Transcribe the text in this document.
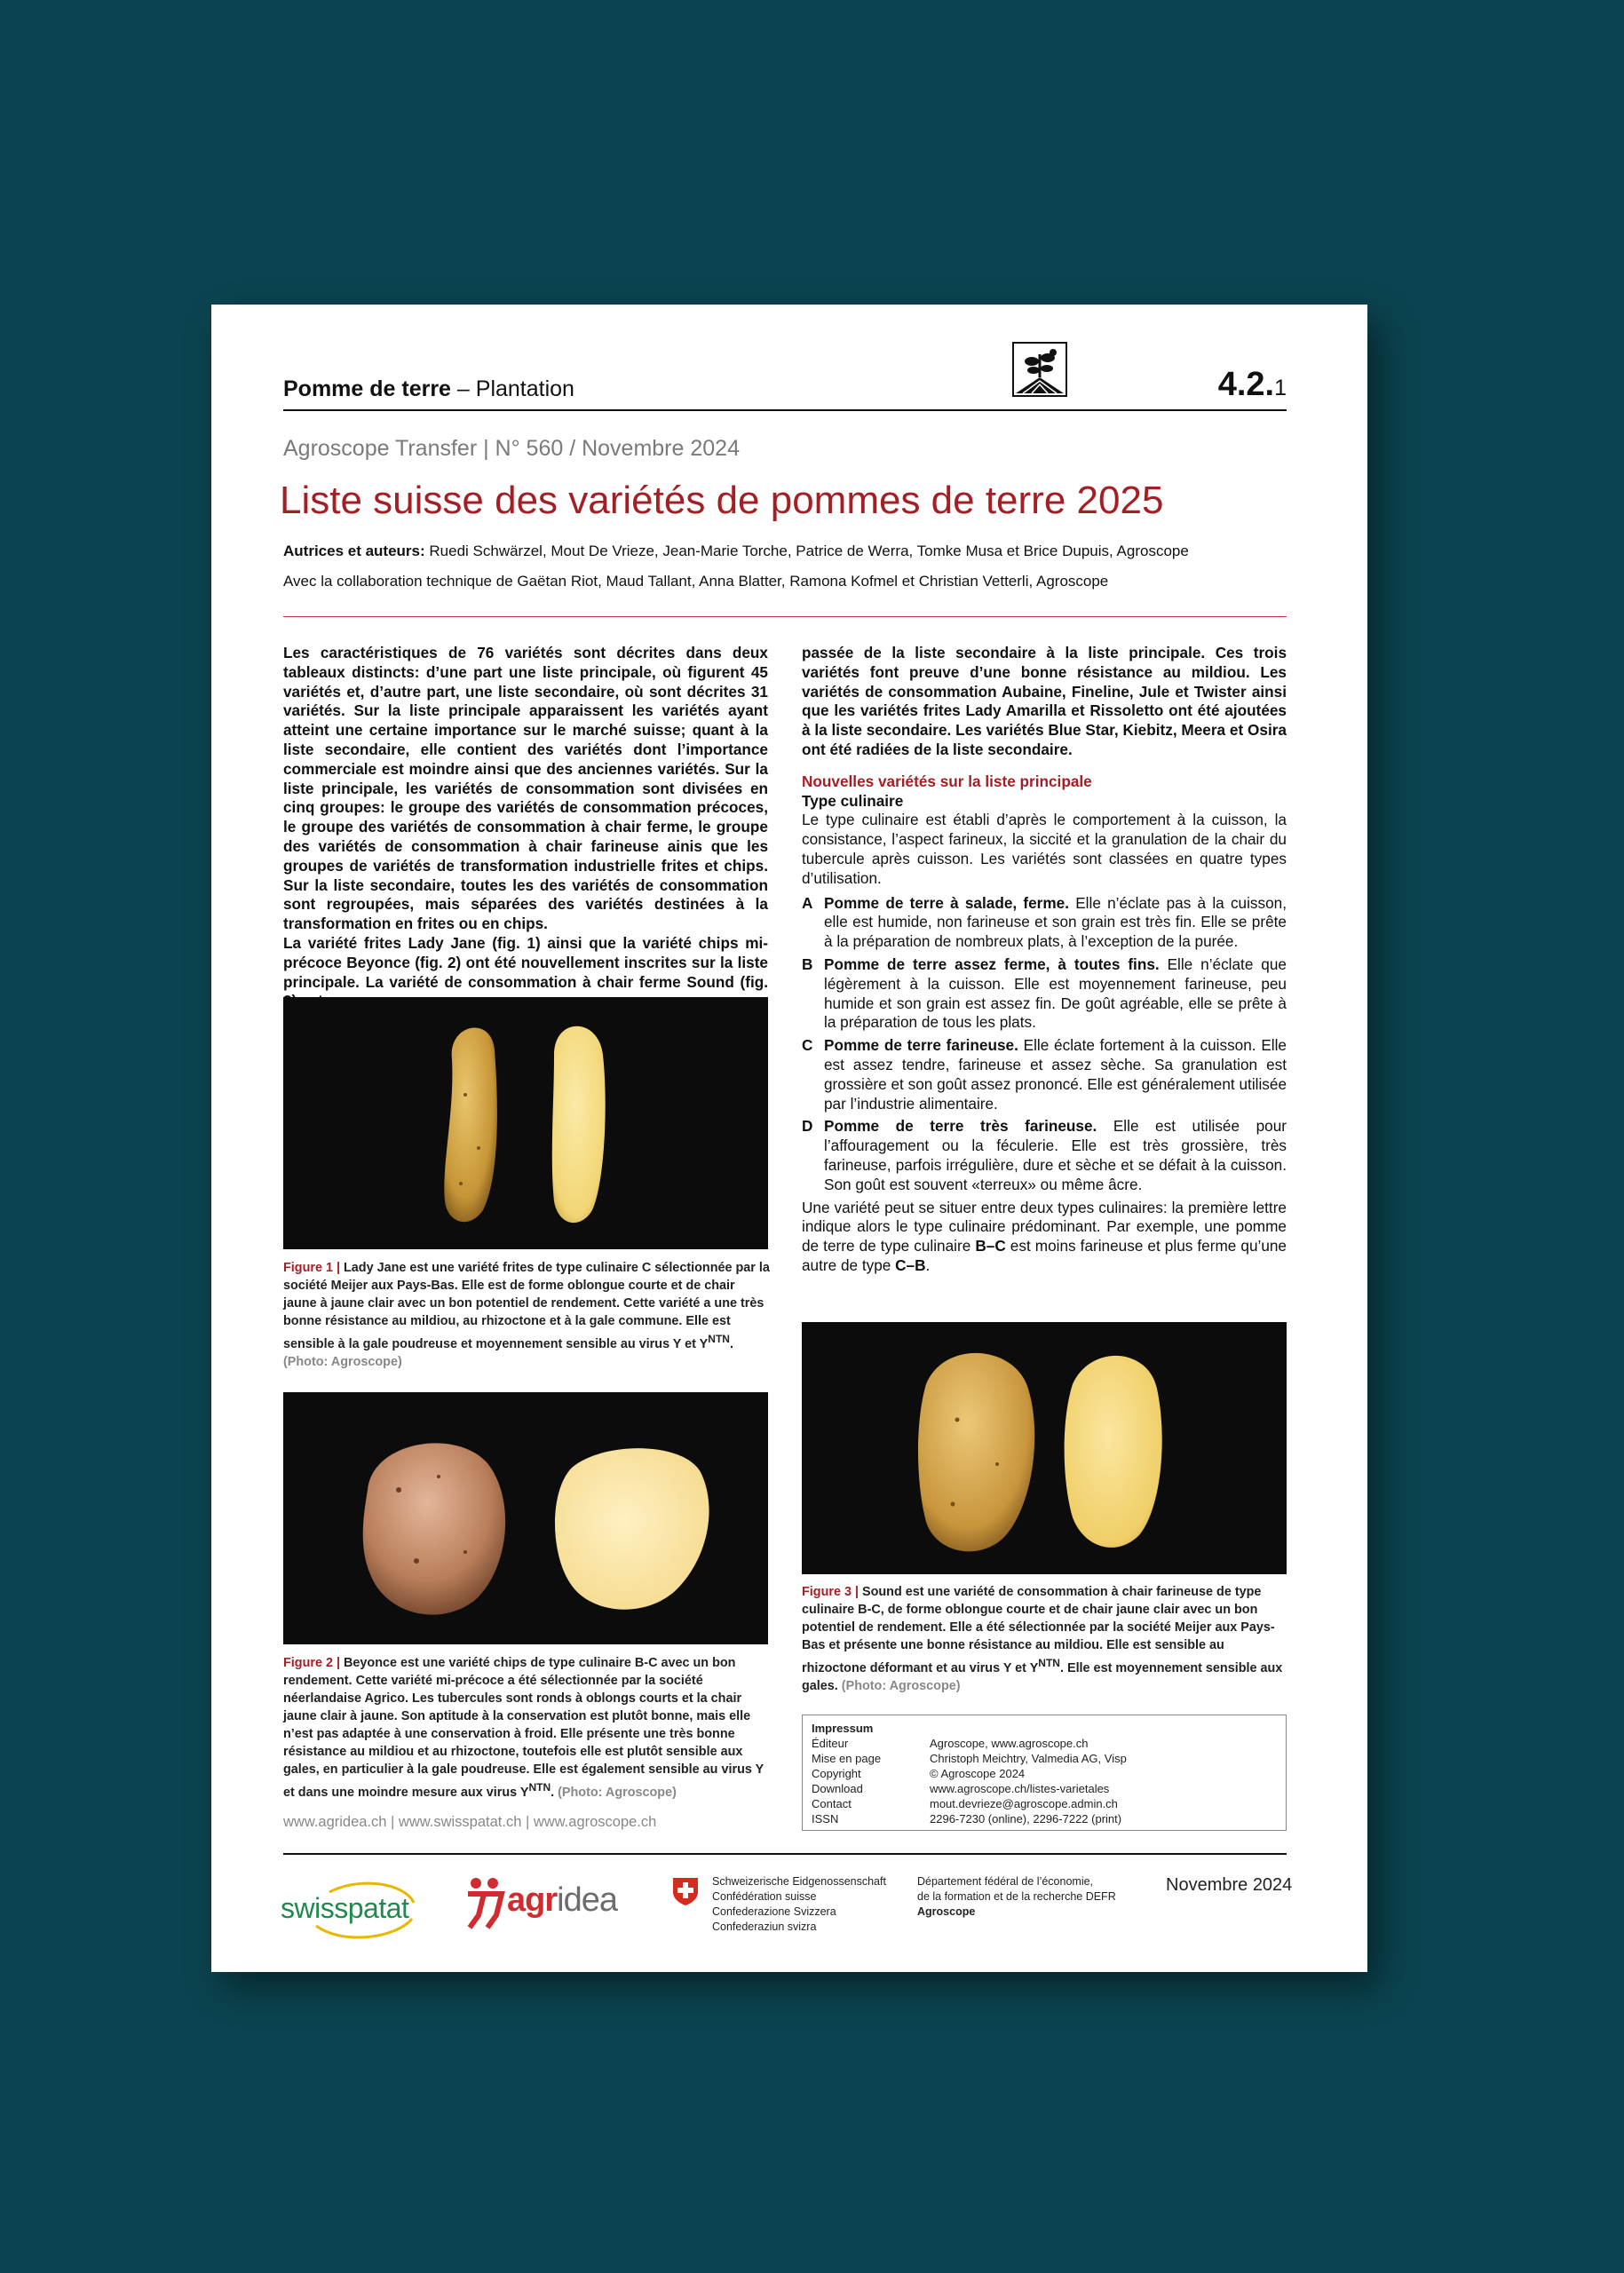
Pomme de terre – Plantation	4.2.1
Agroscope Transfer | N° 560 / Novembre 2024
Liste suisse des variétés de pommes de terre 2025
Autrices et auteurs: Ruedi Schwärzel, Mout De Vrieze, Jean-Marie Torche, Patrice de Werra, Tomke Musa et Brice Dupuis, Agroscope
Avec la collaboration technique de Gaëtan Riot, Maud Tallant, Anna Blatter, Ramona Kofmel et Christian Vetterli, Agroscope
Les caractéristiques de 76 variétés sont décrites dans deux tableaux distincts: d’une part une liste principale, où figurent 45 variétés et, d’autre part, une liste secondaire, où sont décrites 31 variétés. Sur la liste principale apparaissent les variétés ayant atteint une certaine importance sur le marché suisse; quant à la liste secondaire, elle contient des variétés dont l’importance commerciale est moindre ainsi que des anciennes variétés. Sur la liste principale, les variétés de consommation sont divisées en cinq groupes: le groupe des variétés de consommation précoces, le groupe des variétés de consommation à chair ferme, le groupe des variétés de consommation à chair farineuse ainis que les groupes de variétés de transformation industrielle frites et chips. Sur la liste secondaire, toutes les des variétés de consommation sont regroupées, mais séparées des variétés destinées à la transformation en frites ou en chips.
La variété frites Lady Jane (fig. 1) ainsi que la variété chips mi-précoce Beyonce (fig. 2) ont été nouvellement inscrites sur la liste principale. La variété de consommation à chair ferme Sound (fig.
passée de la liste secondaire à la liste principale. Ces trois variétés font preuve d’une bonne résistance au mildiou. Les variétés de consommation Aubaine, Fineline, Jule et Twister ainsi que les variétés frites Lady Amarilla et Rissoletto ont été ajoutées à la liste secondaire. Les variétés Blue Star, Kiebitz, Meera et Osira ont été radiées de la liste secondaire.
Nouvelles variétés sur la liste principale
Type culinaire
Le type culinaire est établi d’après le comportement à la cuisson, la consistance, l’aspect farineux, la siccité et la granulation de la chair du tubercule après cuisson. Les variétés sont classées en quatre types d’utilisation.
A Pomme de terre à salade, ferme. Elle n’éclate pas à la cuisson, elle est humide, non farineuse et son grain est très fin. Elle se prête à la préparation de nombreux plats, à l’exception de la purée.
B Pomme de terre assez ferme, à toutes fins. Elle n’éclate que légèrement à la cuisson. Elle est moyennement farineuse, peu humide et son grain est assez fin. De goût agréable, elle se prête à la préparation de tous les plats.
C Pomme de terre farineuse. Elle éclate fortement à la cuisson. Elle est assez tendre, farineuse et assez sèche. Sa granulation est grossière et son goût assez prononcé. Elle est généralement utilisée par l’industrie alimentaire.
D Pomme de terre très farineuse. Elle est utilisée pour l’affouragement ou la féculerie. Elle est très grossière, très farineuse, parfois irrégulière, dure et sèche et se défait à la cuisson. Son goût est souvent «terreux» ou même âcre.
Une variété peut se situer entre deux types culinaires: la première lettre indique alors le type culinaire prédominant. Par exemple, une pomme de terre de type culinaire B–C est moins farineuse et plus ferme qu’une autre de type C–B.
Figure 1 | Lady Jane est une variété frites de type culinaire C sélectionnée par la société Meijer aux Pays-Bas. Elle est de forme oblongue courte et de chair jaune à jaune clair avec un bon potentiel de rendement. Cette variété a une très bonne résistance au mildiou, au rhizoctone et à la gale commune. Elle est sensible à la gale poudreuse et moyennement sensible au virus Y et $Y^{NTN}$.
(Photo: Agroscope)
Figure 2 | Beyonce est une variété chips de type culinaire B-C avec un bon rendement. Cette variété mi-précoce a été sélectionnée par la société néerlandaise Agrico. Les tubercules sont ronds à oblongs courts et la chair jaune clair à jaune. Son aptitude à la conservation est plutôt bonne, mais elle n’est pas adaptée à une conservation à froid. Elle présente une très bonne résistance au mildiou et au rhizoctone, toutefois elle est plutôt sensible aux gales, en particulier à la gale poudreuse. Elle est également sensible au virus Y et dans une moindre mesure aux virus $Y^{NTN}$. (Photo: Agroscope)
Figure 3 | Sound est une variété de consommation à chair farineuse de type culinaire B-C, de forme oblongue courte et de chair jaune clair avec un bon potentiel de rendement. Elle a été sélectionnée par la société Meijer aux Pays-Bas et présente une bonne résistance au mildiou. Elle est sensible au rhizoctone déformant et au virus Y et $Y^{NTN}$. Elle est moyennement sensible aux gales. (Photo: Agroscope)
Impressum
Éditeur	Agroscope, www.agroscope.ch
Mise en page	Christoph Meichtry, Valmedia AG, Visp
Copyright	© Agroscope 2024
Download	www.agroscope.ch/listes-varietales
Contact	mout.devrieze@agroscope.admin.ch
ISSN	2296-7230 (online), 2296-7222 (print)
www.agridea.ch | www.swisspatat.ch | www.agroscope.ch
swisspatat	agridea	Schweizerische Eidgenossenschaft
Confédération suisse
Confederazione Svizzera
Confederaziun svizra
Département fédéral de l’économie,
de la formation et de la recherche DEFR
Agroscope
Novembre 2024
